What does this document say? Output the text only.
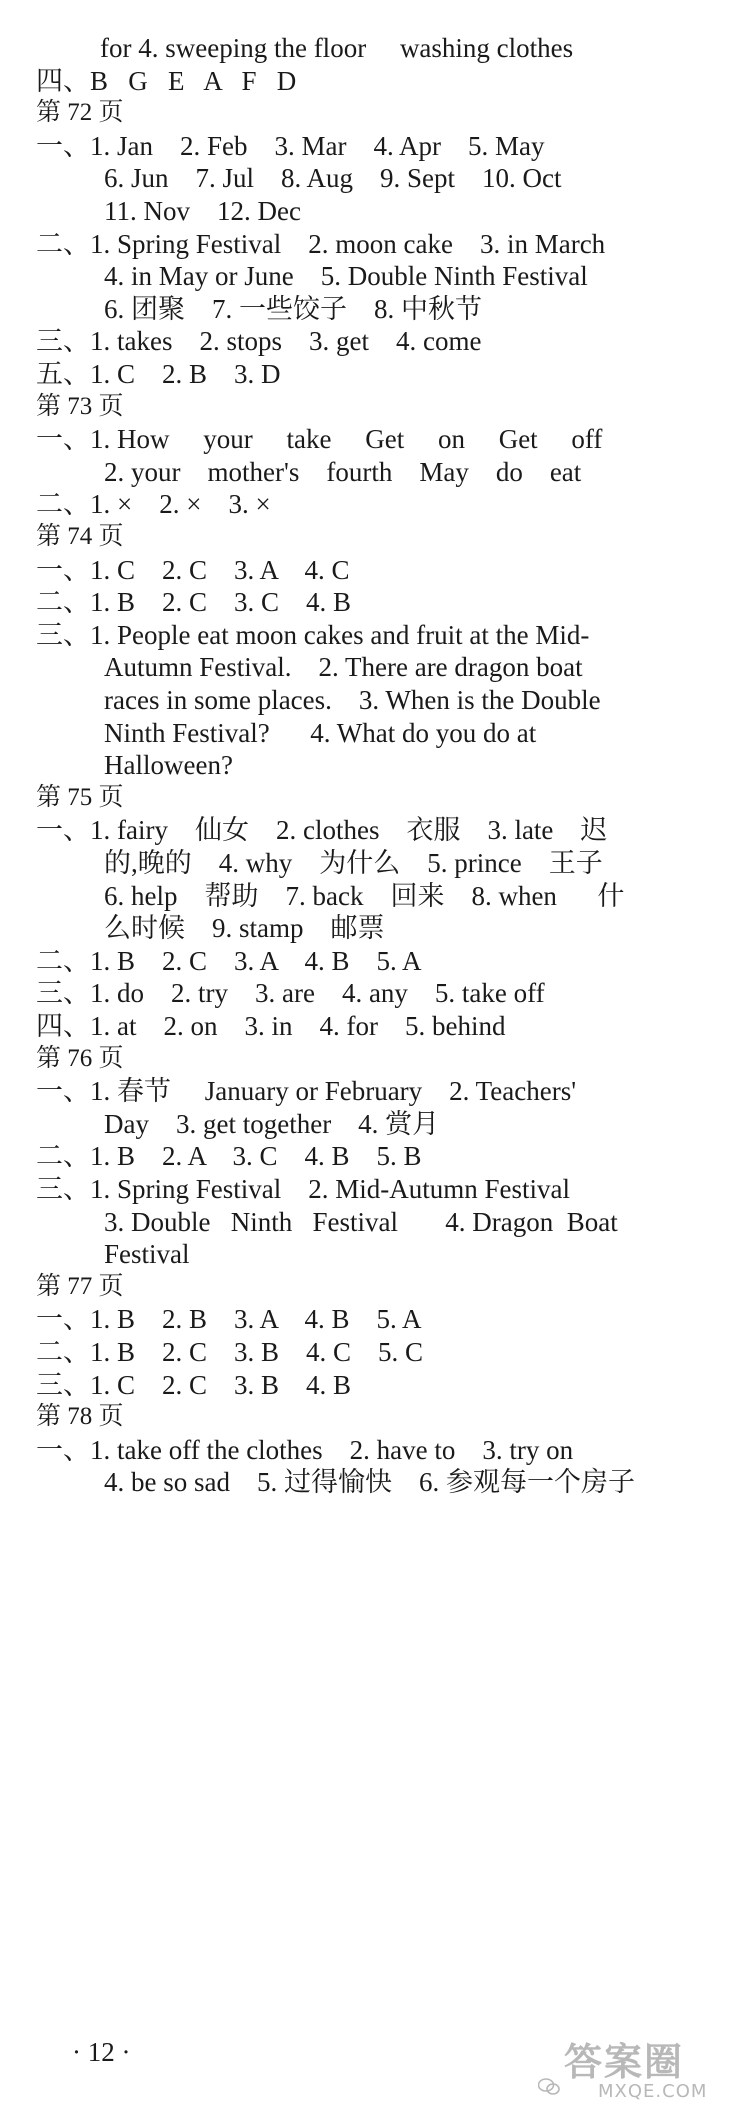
for 4. sweeping the floor     washing clothes
四、B   G   E   A   F   D
第 72 页
一、1. Jan    2. Feb    3. Mar    4. Apr    5. May
6. Jun    7. Jul    8. Aug    9. Sept    10. Oct
11. Nov    12. Dec
二、1. Spring Festival    2. moon cake    3. in March
4. in May or June    5. Double Ninth Festival
6. 团聚    7. 一些饺子    8. 中秋节
三、1. takes    2. stops    3. get    4. come
五、1. C    2. B    3. D
第 73 页
一、1. How     your     take     Get     on     Get     off
2. your    mother's    fourth    May    do    eat
二、1. ×    2. ×    3. ×
第 74 页
一、1. C    2. C    3. A    4. C
二、1. B    2. C    3. C    4. B
三、1. People eat moon cakes and fruit at the Mid-
Autumn Festival.    2. There are dragon boat
races in some places.    3. When is the Double
Ninth Festival?      4. What do you do at
Halloween?
第 75 页
一、1. fairy    仙女    2. clothes    衣服    3. late    迟
的,晚的    4. why    为什么    5. prince    王子
6. help    帮助    7. back    回来    8. when      什
么时候    9. stamp    邮票
二、1. B    2. C    3. A    4. B    5. A
三、1. do    2. try    3. are    4. any    5. take off
四、1. at    2. on    3. in    4. for    5. behind
第 76 页
一、1. 春节     January or February    2. Teachers'
Day    3. get together    4. 赏月
二、1. B    2. A    3. C    4. B    5. B
三、1. Spring Festival    2. Mid-Autumn Festival
3. Double   Ninth   Festival       4. Dragon  Boat
Festival
第 77 页
一、1. B    2. B    3. A    4. B    5. A
二、1. B    2. C    3. B    4. C    5. C
三、1. C    2. C    3. B    4. B
第 78 页
一、1. take off the clothes    2. have to    3. try on
4. be so sad    5. 过得愉快    6. 参观每一个房子
· 12 ·	答案圈
MXQE.COM
